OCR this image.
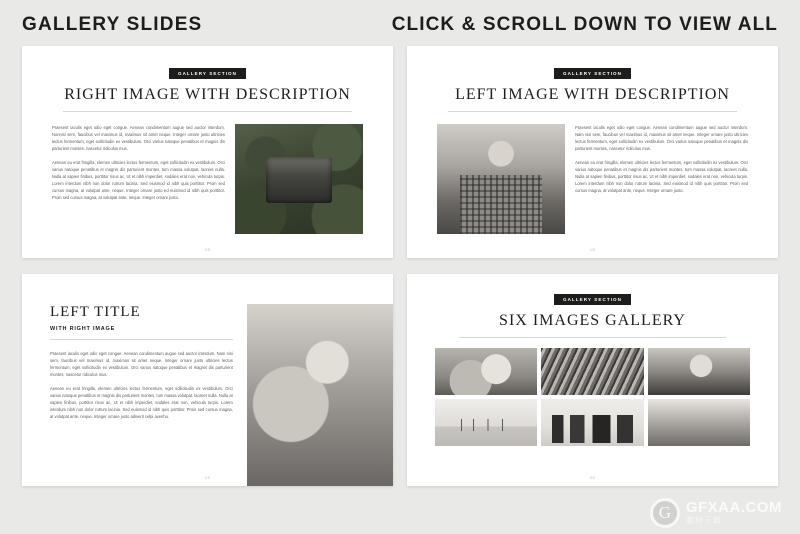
GALLERY SLIDES	CLICK & SCROLL DOWN TO VIEW ALL
GALLERY SECTION
RIGHT IMAGE WITH DESCRIPTION

Praesent iaculis eget odio eget congue. Aenean condimentum augue sed auctor interdum. Nonnisi sem, faucibus vel maximus id, maximus sit amet neque. Integer ornare justo ultricies lectus fermentum, eget sollicitudin ex vestibulum. Orci varius natoque penatibus et magnis dis parturient montes, nascetur ridiculus mus.

Aenean eu erat fringilla, elemen ultricies lectus fermentum, eget sollicitudin ex vestibulum. Orci varius natoque penatibus et magnis dis parturient montes, tum massa volutpat, laoreet nulla. Nulla at sapien finibus, porttitor risus ac, Ut et nibh imperdiet, sodales erat non, vehicula turpis. Lorem interdum nibh non dolor rutrum lacinia. Sed eiusmod id nibh quis porttitor. Proin sed cursus magna, at volutpat ante, neque. Integer ornare justo ed euismod id nibh quis porttitor. Proin sed cursus magna, at volutpat ante, neque. Integer ornare justo.

15
GALLERY SECTION
LEFT IMAGE WITH DESCRIPTION

Praesent iaculis eget odio eget congue. Aenean condimentum augue sed auctor interdum. Nam nisi sem, faucibus vel maximus id, maximus sit amet neque. Integer ornare justo ultricies lectus fermentum, eget sollicitudin ex vestibulum. Orci varius natoque penatibus et magnis dis parturient montes, nascetur ridiculus mus.

Aenean eu erat fringilla, elemen ultricies lectus fermentum, eget sollicitudin ex vestibulum. Orci varius natoque penatibus et magnis dis parturient montes, tum massa volutpat, laoreet nulla. Nulla at sapien finibus, porttitor risus ac, Ut et nibh imperdiet, sodales erat non, vehicula turpis. Lorem interdum nibh non dolor rutrum lacinia. Sed euismod id nibh quis porttitor. Proin sed cursus magna, at volutpat ante, neque. Integer ornare justo.

16
LEFT TITLE
WITH RIGHT IMAGE

Praesent iaculis eget odio eget congue. Aenean condimentum augue sed auctor interdum. Nam nisi sem, faucibus vel maximus id, maximus sit amet neque. Integer ornare justo ultricies lectus fermentum, eget sollicitudin ex vestibulum. Orci varius natoque penatibus et magnis dis parturient montes, nascetur ridiculus mus.

Aenean eu erat fringilla, elemen ultricies lectus fermentum, eget sollicitudin ex vestibulum. Orci varius natoque penatibus et magnis dis parturient montes, tum massa volutpat, laoreet nulla. Nulla at sapien finibus, porttitor risus ac, Ut et nibh imperdiet, sodales erat non, vehicula turpis. Lorem interdum nibh non dolor rutrum lacinia. Sed euismod id nibh quis porttitor. Proin sed cursus magna, at volutpat ante, neque. Integer ornare justo adiverit celpi avenhu.

15
GALLERY SECTION
SIX IMAGES GALLERY
20
G GFXAA.COM
素材下载
